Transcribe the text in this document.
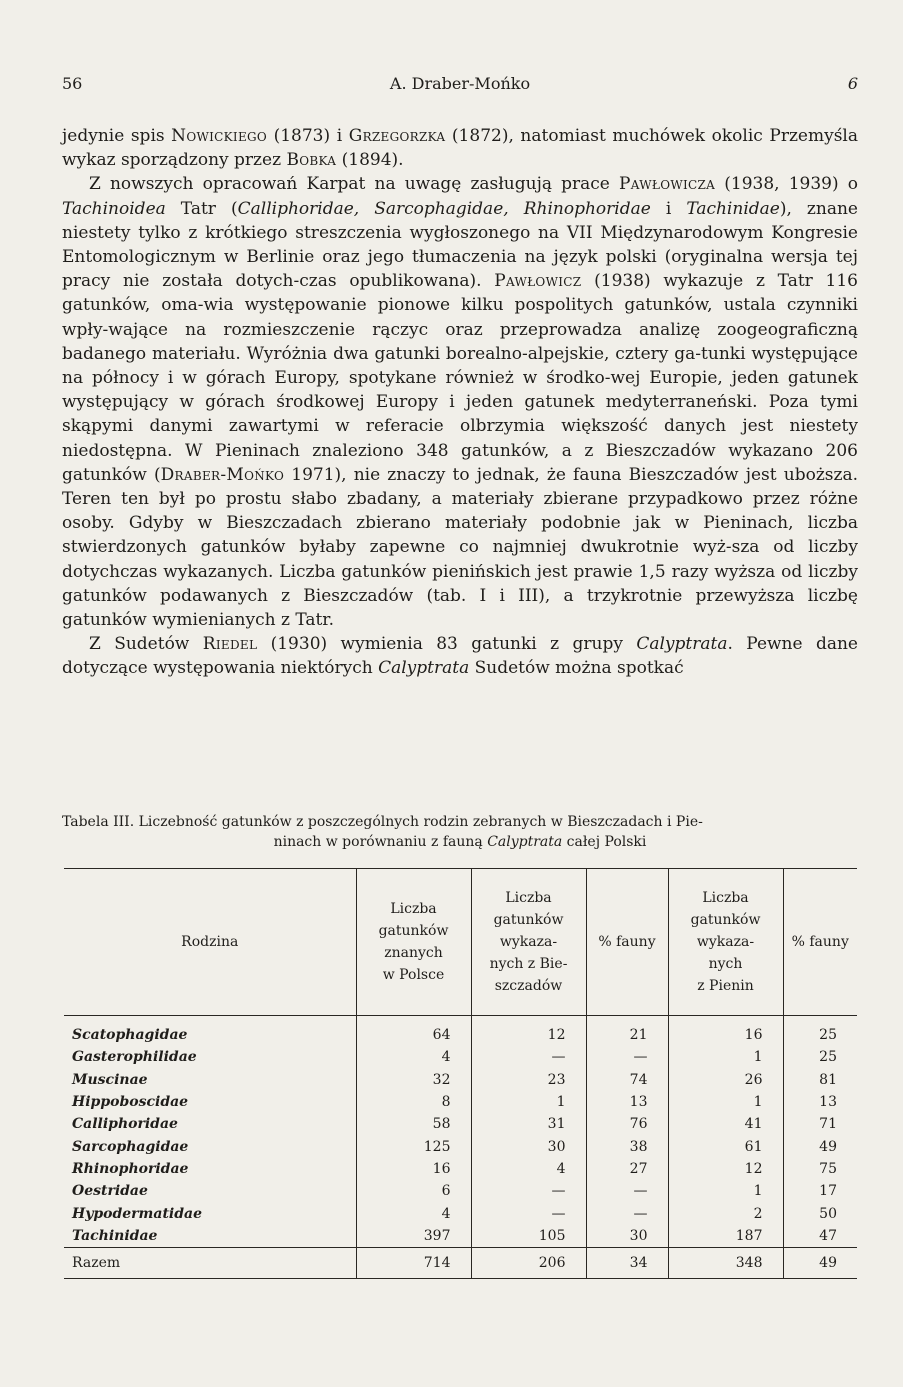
56	A. Draber-Mońko	6

jedynie spis Nowickiego (1873) i Grzegorzka (1872), natomiast muchówek okolic Przemyśla wykaz sporządzony przez Bobka (1894).

Z nowszych opracowań Karpat na uwagę zasługują prace Pawłowicza (1938, 1939) o Tachinoidea Tatr (Calliphoridae, Sarcophagidae, Rhinophoridae i Tachinidae), znane niestety tylko z krótkiego streszczenia wygłoszonego na VII Międzynarodowym Kongresie Entomologicznym w Berlinie oraz jego tłumaczenia na język polski (oryginalna wersja tej pracy nie została dotych-czas opublikowana). Pawłowicz (1938) wykazuje z Tatr 116 gatunków, oma-wia występowanie pionowe kilku pospolitych gatunków, ustala czynniki wpły-wające na rozmieszczenie rączyc oraz przeprowadza analizę zoogeograficzną badanego materiału. Wyróżnia dwa gatunki borealno-alpejskie, cztery ga-tunki występujące na północy i w górach Europy, spotykane również w środko-wej Europie, jeden gatunek występujący w górach środkowej Europy i jeden gatunek medyterraneński. Poza tymi skąpymi danymi zawartymi w referacie olbrzymia większość danych jest niestety niedostępna. W Pieninach znaleziono 348 gatunków, a z Bieszczadów wykazano 206 gatunków (Draber-Mońko 1971), nie znaczy to jednak, że fauna Bieszczadów jest uboższa. Teren ten był po prostu słabo zbadany, a materiały zbierane przypadkowo przez różne osoby. Gdyby w Bieszczadach zbierano materiały podobnie jak w Pieninach, liczba stwierdzonych gatunków byłaby zapewne co najmniej dwukrotnie wyż-sza od liczby dotychczas wykazanych. Liczba gatunków pienińskich jest prawie 1,5 razy wyższa od liczby gatunków podawanych z Bieszczadów (tab. I i III), a trzykrotnie przewyższa liczbę gatunków wymienianych z Tatr.

Z Sudetów Riedel (1930) wymienia 83 gatunki z grupy Calyptrata. Pewne dane dotyczące występowania niektórych Calyptrata Sudetów można spotkać

Tabela III. Liczebność gatunków z poszczególnych rodzin zebranych w Bieszczadach i Pie-
ninach w porównaniu z fauną Calyptrata całej Polski
Rodzina	Liczba
gatunków
znanych
w Polsce	Liczba
gatunków
wykaza-
nych z Bie-
szczadów	% fauny	Liczba
gatunków
wykaza-
nych
z Pienin	% fauny
Scatophagidae	64	12	21	16	25
Gasterophilidae	4	—	—	1	25
Muscinae	32	23	74	26	81
Hippoboscidae	8	1	13	1	13
Calliphoridae	58	31	76	41	71
Sarcophagidae	125	30	38	61	49
Rhinophoridae	16	4	27	12	75
Oestridae	6	—	—	1	17
Hypodermatidae	4	—	—	2	50
Tachinidae	397	105	30	187	47
Razem	714	206	34	348	49
